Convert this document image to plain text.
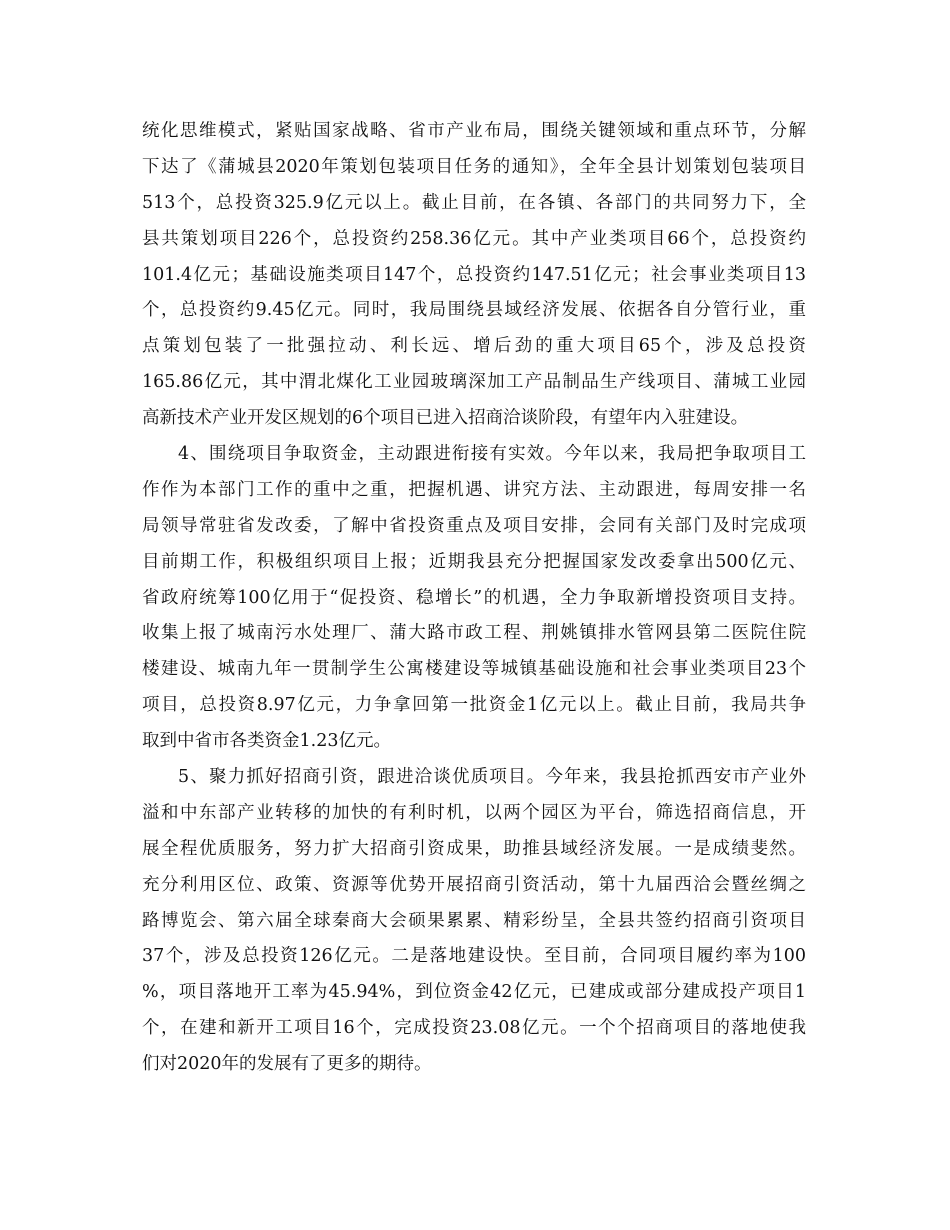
统化思维模式，紧贴国家战略、省市产业布局，围绕关键领域和重点环节，分解
下达了《蒲城县2020年策划包装项目任务的通知》，全年全县计划策划包装项目
513个，总投资325.9亿元以上。截止目前，在各镇、各部门的共同努力下，全
县共策划项目226个，总投资约258.36亿元。其中产业类项目66个，总投资约
101.4亿元；基础设施类项目147个，总投资约147.51亿元；社会事业类项目13
个，总投资约9.45亿元。同时，我局围绕县域经济发展、依据各自分管行业，重
点策划包装了一批强拉动、利长远、增后劲的重大项目65个，涉及总投资
165.86亿元，其中渭北煤化工业园玻璃深加工产品制品生产线项目、蒲城工业园
高新技术产业开发区规划的6个项目已进入招商洽谈阶段，有望年内入驻建设。
4、围绕项目争取资金，主动跟进衔接有实效。今年以来，我局把争取项目工
作作为本部门工作的重中之重，把握机遇、讲究方法、主动跟进，每周安排一名
局领导常驻省发改委，了解中省投资重点及项目安排，会同有关部门及时完成项
目前期工作，积极组织项目上报；近期我县充分把握国家发改委拿出500亿元、
省政府统筹100亿用于“促投资、稳增长”的机遇，全力争取新增投资项目支持。
收集上报了城南污水处理厂、蒲大路市政工程、荆姚镇排水管网县第二医院住院
楼建设、城南九年一贯制学生公寓楼建设等城镇基础设施和社会事业类项目23个
项目，总投资8.97亿元，力争拿回第一批资金1亿元以上。截止目前，我局共争
取到中省市各类资金1.23亿元。
5、聚力抓好招商引资，跟进洽谈优质项目。今年来，我县抢抓西安市产业外
溢和中东部产业转移的加快的有利时机，以两个园区为平台，筛选招商信息，开
展全程优质服务，努力扩大招商引资成果，助推县域经济发展。一是成绩斐然。
充分利用区位、政策、资源等优势开展招商引资活动，第十九届西洽会暨丝绸之
路博览会、第六届全球秦商大会硕果累累、精彩纷呈，全县共签约招商引资项目
37个，涉及总投资126亿元。二是落地建设快。至目前，合同项目履约率为100
%，项目落地开工率为45.94%，到位资金42亿元，已建成或部分建成投产项目1
个，在建和新开工项目16个，完成投资23.08亿元。一个个招商项目的落地使我
们对2020年的发展有了更多的期待。
